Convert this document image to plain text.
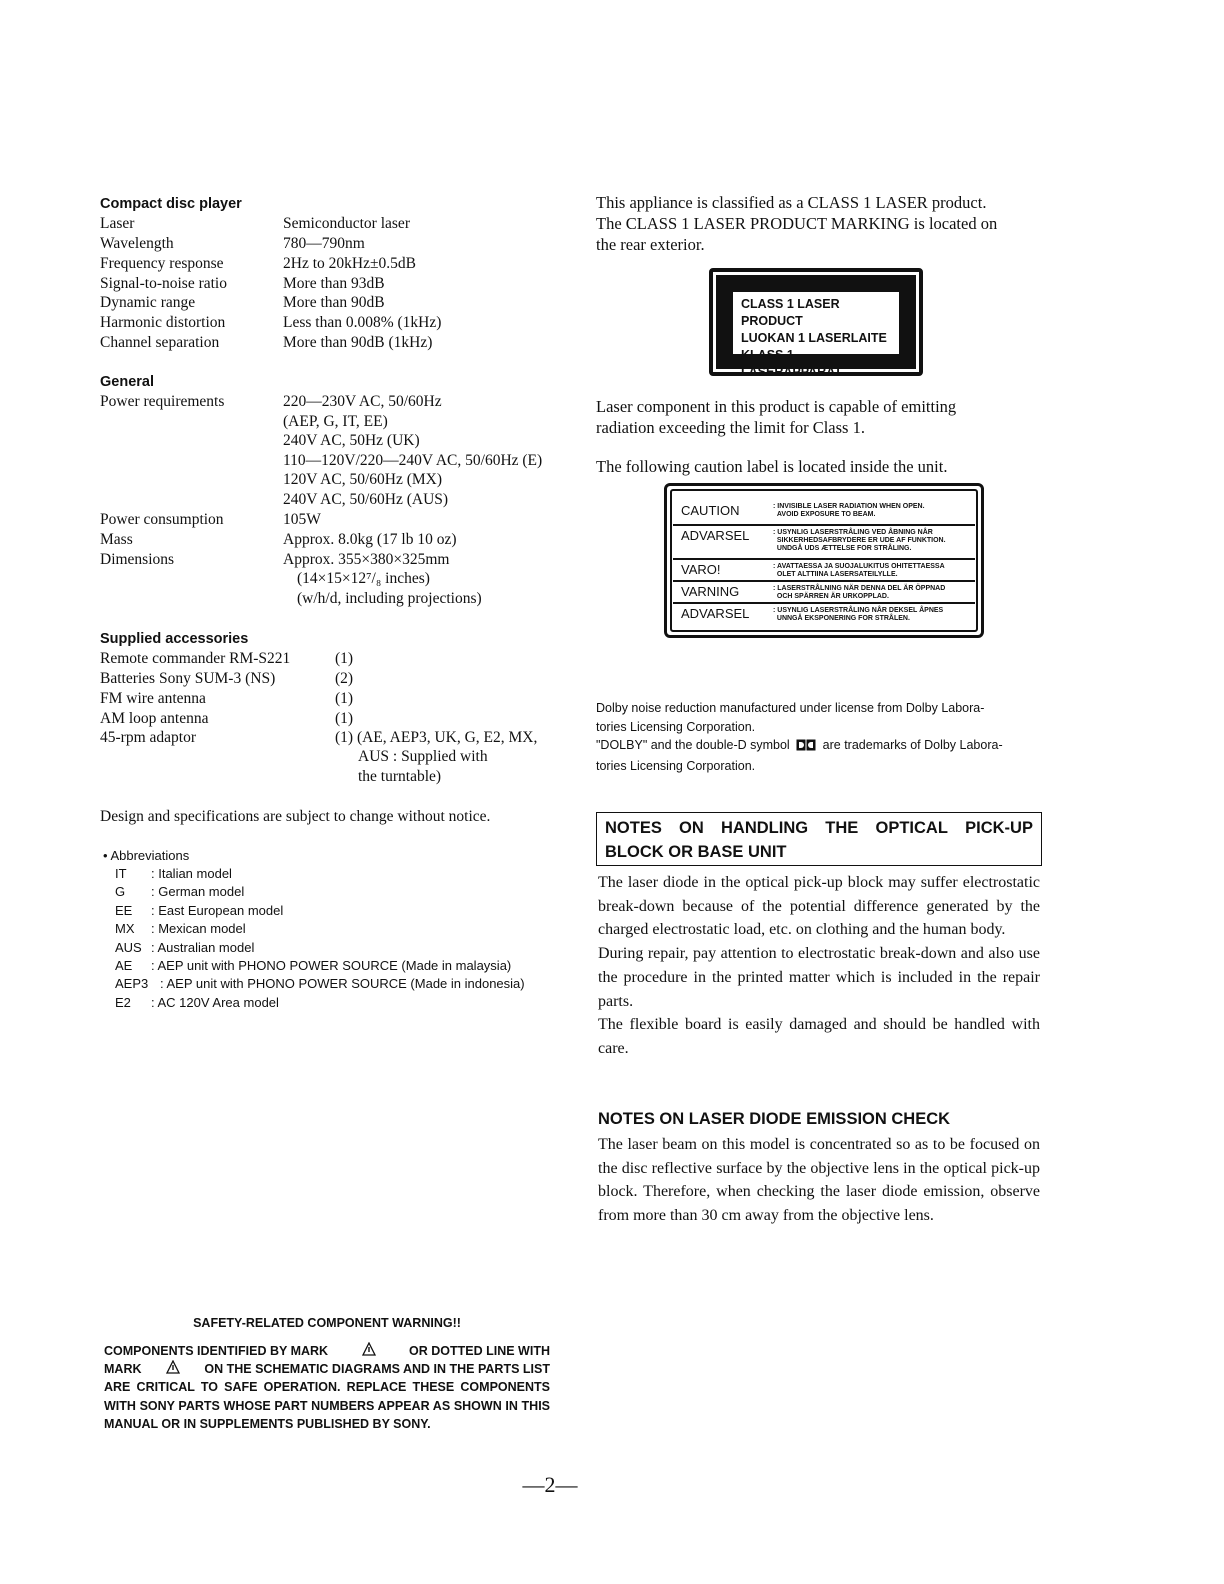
Compact disc player
Laser	Semiconductor laser
Wavelength	780—790nm
Frequency response	2Hz to 20kHz±0.5dB
Signal-to-noise ratio	More than 93dB
Dynamic range	More than 90dB
Harmonic distortion	Less than 0.008% (1kHz)
Channel separation	More than 90dB (1kHz)
General
Power requirements	220—230V AC, 50/60Hz
(AEP, G, IT, EE)
240V AC, 50Hz (UK)
110—120V/220—240V AC, 50/60Hz (E)
120V AC, 50/60Hz (MX)
240V AC, 50/60Hz (AUS)
Power consumption	105W
Mass	Approx. 8.0kg (17 lb 10 oz)
Dimensions	Approx. 355×380×325mm
(14×15×12⁷/₈ inches)
(w/h/d, including projections)
Supplied accessories
Remote commander RM-S221	(1)
Batteries Sony SUM-3 (NS)	(2)
FM wire antenna	(1)
AM loop antenna	(1)
45-rpm adaptor	(1) (AE, AEP3, UK, G, E2, MX,
AUS : Supplied with
the turntable)
Design and specifications are subject to change without notice.
• Abbreviations
IT : Italian model
G : German model
EE : East European model
MX : Mexican model
AUS : Australian model
AE : AEP unit with PHONO POWER SOURCE (Made in malaysia)
AEP3 : AEP unit with PHONO POWER SOURCE (Made in indonesia)
E2 : AC 120V Area model
SAFETY-RELATED COMPONENT WARNING!!
COMPONENTS IDENTIFIED BY MARK	OR DOTTED LINE WITH
MARK	ON THE SCHEMATIC DIAGRAMS AND IN THE PARTS LIST
ARE CRITICAL TO SAFE OPERATION. REPLACE THESE COMPONENTS WITH SONY PARTS WHOSE PART NUMBERS APPEAR AS SHOWN IN THIS MANUAL OR IN SUPPLEMENTS PUBLISHED BY SONY.
This appliance is classified as a CLASS 1 LASER product.
The CLASS 1 LASER PRODUCT MARKING is located on
the rear exterior.
CLASS 1 LASER PRODUCT
LUOKAN 1 LASERLAITE
KLASS 1 LASERAPPARAT
Laser component in this product is capable of emitting
radiation exceeding the limit for Class 1.
The following caution label is located inside the unit.
CAUTION	: INVISIBLE LASER RADIATION WHEN OPEN.
AVOID EXPOSURE TO BEAM.
ADVARSEL	: USYNLIG LASERSTRÅLING VED ÅBNING NÅR
SIKKERHEDSAFBRYDERE ER UDE AF FUNKTION.
UNDGÅ UDS ÆTTELSE FOR STRÅLING.
VARO!	: AVATTAESSA JA SUOJALUKITUS OHITETTAESSA
OLET ALTTIINA LASERSATEILYLLE.
VARNING	: LASERSTRÅLNING NÄR DENNA DEL ÄR ÖPPNAD
OCH SPÄRREN ÄR URKOPPLAD.
ADVARSEL	: USYNLIG LASERSTRÅLING NÅR DEKSEL ÅPNES
UNNGÅ EKSPONERING FOR STRÅLEN.
Dolby noise reduction manufactured under license from Dolby Labora-
tories Licensing Corporation.
"DOLBY" and the double-D symbol	are trademarks of Dolby Labora-
tories Licensing Corporation.
NOTES ON HANDLING THE OPTICAL PICK-UP
BLOCK OR BASE UNIT
The laser diode in the optical pick-up block may suffer electrostatic break-down because of the potential difference generated by the charged electrostatic load, etc. on clothing and the human body.
During repair, pay attention to electrostatic break-down and also use the procedure in the printed matter which is included in the repair parts.
The flexible board is easily damaged and should be handled with care.
NOTES ON LASER DIODE EMISSION CHECK
The laser beam on this model is concentrated so as to be focused on the disc reflective surface by the objective lens in the optical pick-up block. Therefore, when checking the laser diode emission, observe from more than 30 cm away from the objective lens.
—2—
